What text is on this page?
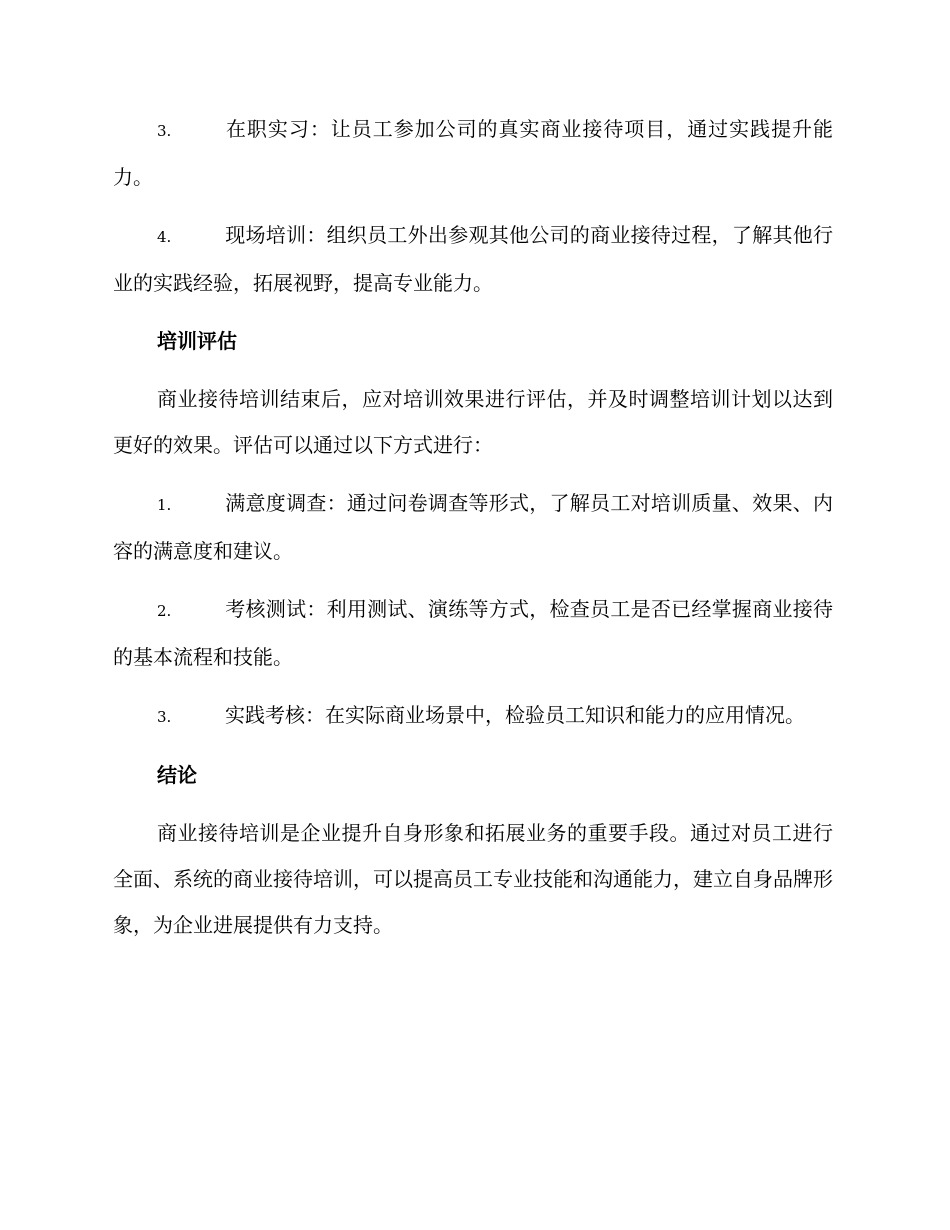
3.	在职实习：让员工参加公司的真实商业接待项目，通过实践提升能力。

4.	现场培训：组织员工外出参观其他公司的商业接待过程，了解其他行业的实践经验，拓展视野，提高专业能力。

培训评估

商业接待培训结束后，应对培训效果进行评估，并及时调整培训计划以达到更好的效果。评估可以通过以下方式进行：

1.	满意度调查：通过问卷调查等形式，了解员工对培训质量、效果、内容的满意度和建议。

2.	考核测试：利用测试、演练等方式，检查员工是否已经掌握商业接待的基本流程和技能。

3.	实践考核：在实际商业场景中，检验员工知识和能力的应用情况。

结论

商业接待培训是企业提升自身形象和拓展业务的重要手段。通过对员工进行全面、系统的商业接待培训，可以提高员工专业技能和沟通能力，建立自身品牌形象，为企业进展提供有力支持。
